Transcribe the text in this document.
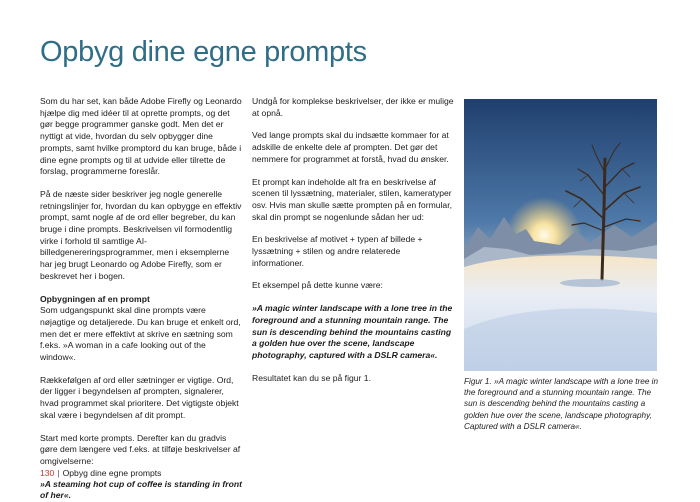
Opbyg dine egne prompts

Som du har set, kan både Adobe Firefly og Leonardo hjælpe dig med idéer til at oprette prompts, og det gør begge programmer ganske godt. Men det er nyttigt at vide, hvordan du selv opbygger dine prompts, samt hvilke promptord du kan bruge, både i dine egne prompts og til at udvide eller tilrette de forslag, programmerne foreslår.

På de næste sider beskriver jeg nogle generelle retningslinjer for, hvordan du kan opbygge en effektiv prompt, samt nogle af de ord eller begreber, du kan bruge i dine prompts. Beskrivelsen vil formodentlig virke i forhold til samtlige AI-billedgenereringsprogrammer, men i eksemplerne har jeg brugt Leonardo og Adobe Firefly, som er beskrevet her i bogen.

Opbygningen af en prompt

Som udgangspunkt skal dine prompts være nøjagtige og detaljerede. Du kan bruge et enkelt ord, men det er mere effektivt at skrive en sætning som f.eks. »A woman in a cafe looking out of the window«.

Rækkefølgen af ord eller sætninger er vigtige. Ord, der ligger i begyndelsen af prompten, signalerer, hvad programmet skal prioritere. Det vigtigste objekt skal være i begyndelsen af dit prompt.

Start med korte prompts. Derefter kan du gradvis gøre dem længere ved f.eks. at tilføje beskrivelser af omgivelserne:

»A steaming hot cup of coffee is standing in front of her«.

Undgå for komplekse beskrivelser, der ikke er mulige at opnå.

Ved lange prompts skal du indsætte kommaer for at adskille de enkelte dele af prompten. Det gør det nemmere for programmet at forstå, hvad du ønsker.

Et prompt kan indeholde alt fra en beskrivelse af scenen til lyssætning, materialer, stilen, kameratyper osv. Hvis man skulle sætte prompten på en formular, skal din prompt se nogenlunde sådan her ud:

En beskrivelse af motivet + typen af billede + lyssætning + stilen og andre relaterede informationer.

Et eksempel på dette kunne være:

»A magic winter landscape with a lone tree in the foreground and a stunning mountain range. The sun is descending behind the mountains casting a golden hue over the scene, landscape photography, captured with a DSLR camera«.

Resultatet kan du se på figur 1.	Figur 1. »A magic winter landscape with a lone tree in the foreground and a stunning mountain range. The sun is descending behind the mountains casting a golden hue over the scene, landscape photography, Captured with a DSLR camera«.

130 | Opbyg dine egne prompts
